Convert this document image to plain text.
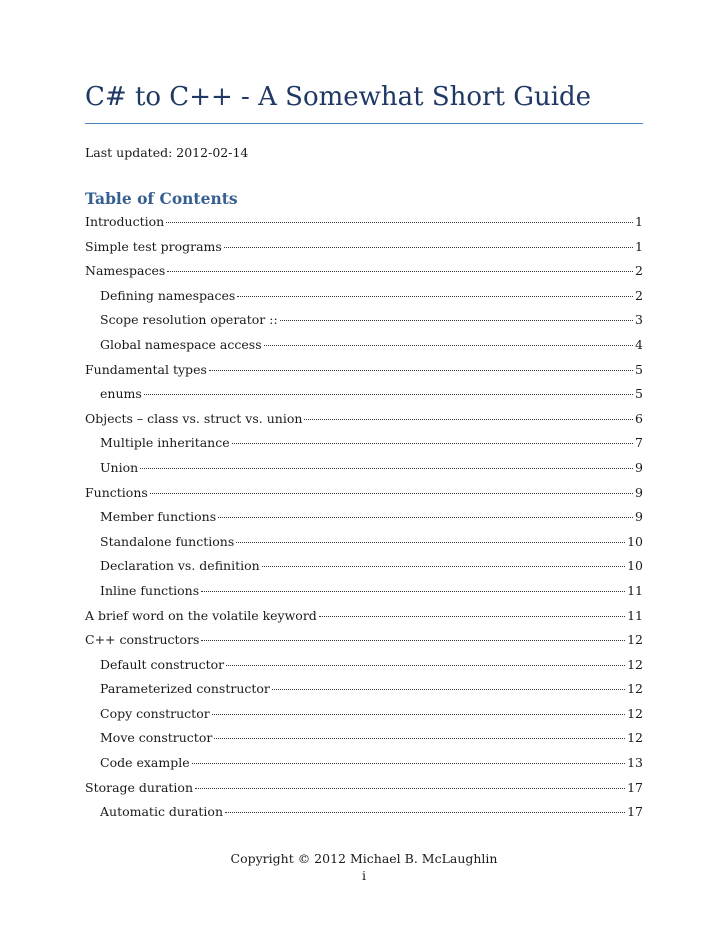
C# to C++ - A Somewhat Short Guide
Last updated: 2012-02-14
Table of Contents
Introduction	1
Simple test programs	1
Namespaces	2
Defining namespaces	2
Scope resolution operator ::	3
Global namespace access	4
Fundamental types	5
enums	5
Objects – class vs. struct vs. union	6
Multiple inheritance	7
Union	9
Functions	9
Member functions	9
Standalone functions	10
Declaration vs. definition	10
Inline functions	11
A brief word on the volatile keyword	11
C++ constructors	12
Default constructor	12
Parameterized constructor	12
Copy constructor	12
Move constructor	12
Code example	13
Storage duration	17
Automatic duration	17
Copyright © 2012 Michael B. McLaughlin
i
